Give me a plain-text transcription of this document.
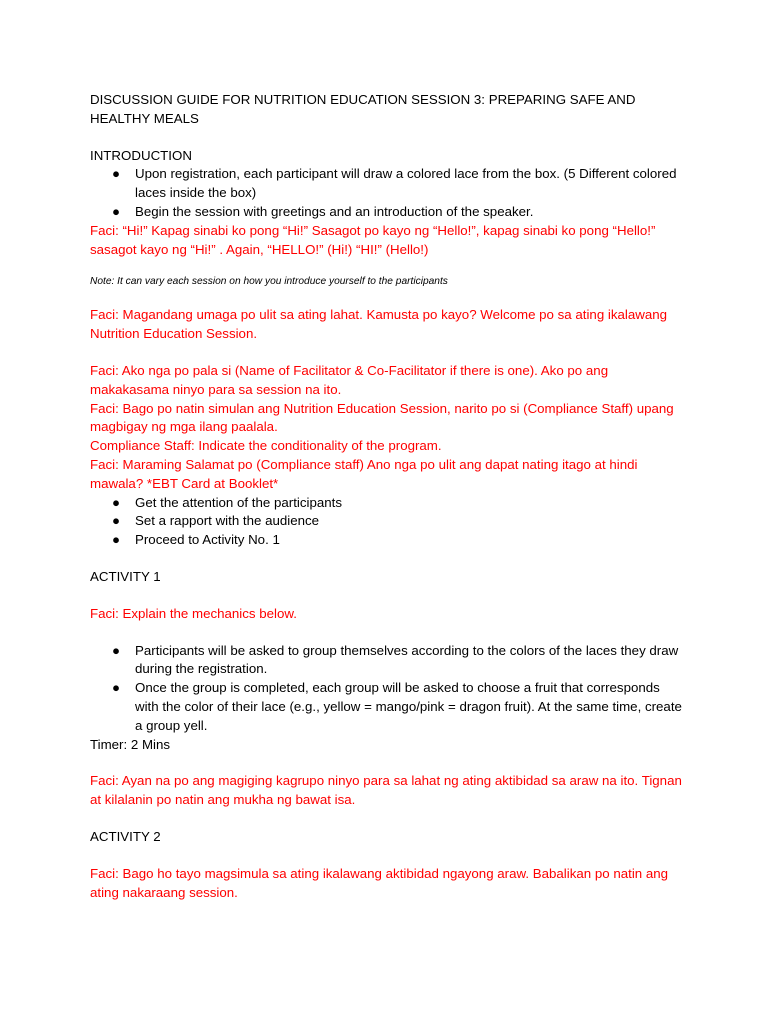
DISCUSSION GUIDE FOR NUTRITION EDUCATION SESSION 3: PREPARING SAFE AND HEALTHY MEALS

INTRODUCTION

● Upon registration, each participant will draw a colored lace from the box. (5 Different colored laces inside the box)
● Begin the session with greetings and an introduction of the speaker.

Faci: “Hi!” Kapag sinabi ko pong “Hi!” Sasagot po kayo ng “Hello!”, kapag sinabi ko pong “Hello!” sasagot kayo ng “Hi!” . Again, “HELLO!” (Hi!) “HI!” (Hello!)

Note: It can vary each session on how you introduce yourself to the participants

Faci: Magandang umaga po ulit sa ating lahat. Kamusta po kayo? Welcome po sa ating ikalawang Nutrition Education Session.

Faci: Ako nga po pala si (Name of Facilitator & Co-Facilitator if there is one). Ako po ang makakasama ninyo para sa session na ito.

Faci: Bago po natin simulan ang Nutrition Education Session, narito po si (Compliance Staff) upang magbigay ng mga ilang paalala.

Compliance Staff: Indicate the conditionality of the program.

Faci: Maraming Salamat po (Compliance staff) Ano nga po ulit ang dapat nating itago at hindi mawala? *EBT Card at Booklet*

● Get the attention of the participants
● Set a rapport with the audience
● Proceed to Activity No. 1

ACTIVITY 1

Faci: Explain the mechanics below.

● Participants will be asked to group themselves according to the colors of the laces they draw during the registration.
● Once the group is completed, each group will be asked to choose a fruit that corresponds with the color of their lace (e.g., yellow = mango/pink = dragon fruit). At the same time, create a group yell.

Timer: 2 Mins

Faci: Ayan na po ang magiging kagrupo ninyo para sa lahat ng ating aktibidad sa araw na ito. Tignan at kilalanin po natin ang mukha ng bawat isa.

ACTIVITY 2

Faci: Bago ho tayo magsimula sa ating ikalawang aktibidad ngayong araw. Babalikan po natin ang ating nakaraang session.
